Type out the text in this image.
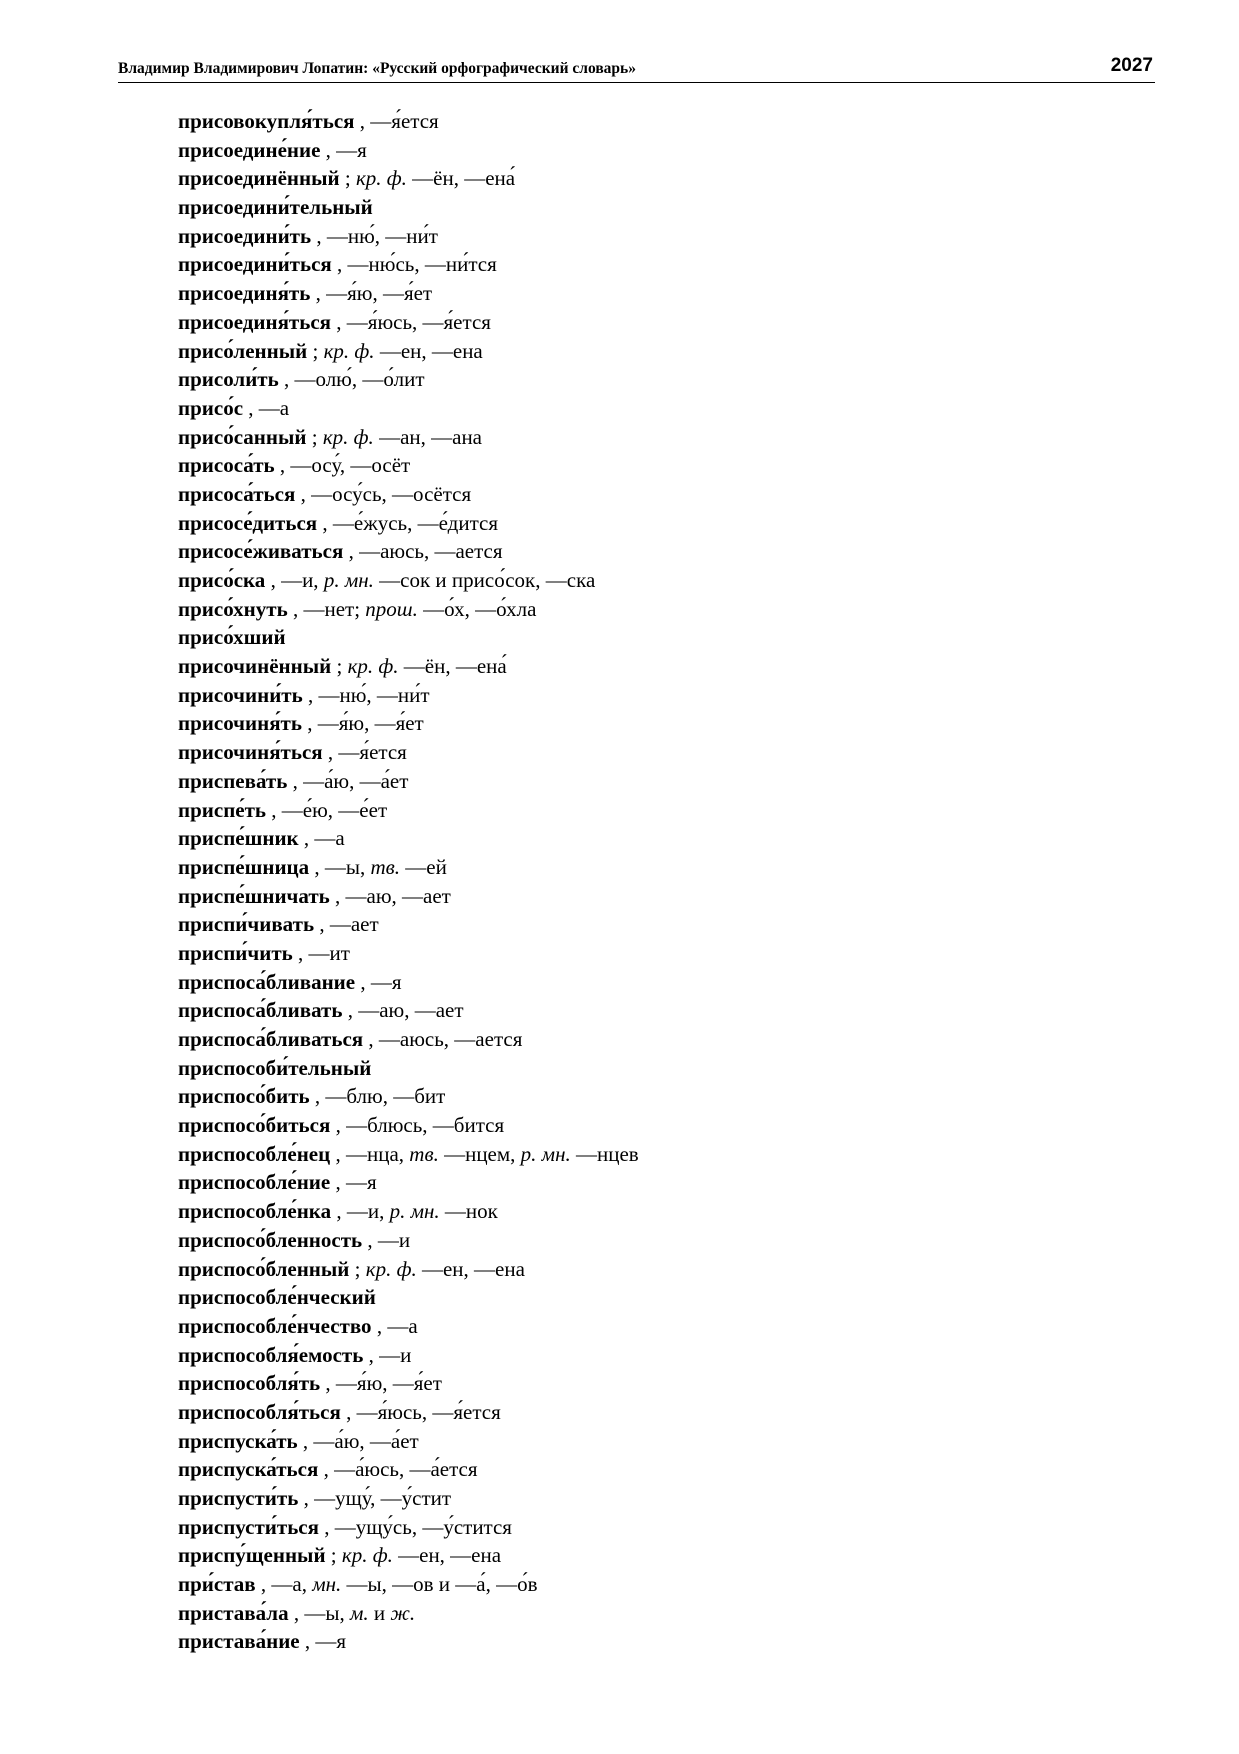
Владимир Владимирович Лопатин: «Русский орфографический словарь»	2027
присовокупля́ться , —я́ется
присоедине́ние , —я
присоединённый ; кр. ф. —ён, —ена́
присоедини́тельный
присоедини́ть , —ню́, —ни́т
присоедини́ться , —ню́сь, —ни́тся
присоединя́ть , —я́ю, —я́ет
присоединя́ться , —я́юсь, —я́ется
присо́ленный ; кр. ф. —ен, —ена
присоли́ть , —олю́, —о́лит
присо́с , —а
присо́санный ; кр. ф. —ан, —ана
присоса́ть , —осу́, —осёт
присоса́ться , —осу́сь, —осётся
присосе́диться , —е́жусь, —е́дится
присосе́живаться , —аюсь, —ается
присо́ска , —и, р. мн. —сок и присо́сок, —ска
присо́хнуть , —нет; прош. —о́х, —о́хла
присо́хший
присочинённый ; кр. ф. —ён, —ена́
присочини́ть , —ню́, —ни́т
присочиня́ть , —я́ю, —я́ет
присочиня́ться , —я́ется
приспева́ть , —а́ю, —а́ет
приспе́ть , —е́ю, —е́ет
приспе́шник , —а
приспе́шница , —ы, тв. —ей
приспе́шничать , —аю, —ает
приспи́чивать , —ает
приспи́чить , —ит
приспоса́бливание , —я
приспоса́бливать , —аю, —ает
приспоса́бливаться , —аюсь, —ается
приспособи́тельный
приспосо́бить , —блю, —бит
приспосо́биться , —блюсь, —бится
приспособле́нец , —нца, тв. —нцем, р. мн. —нцев
приспособле́ние , —я
приспособле́нка , —и, р. мн. —нок
приспосо́бленность , —и
приспосо́бленный ; кр. ф. —ен, —ена
приспособле́нческий
приспособле́нчество , —а
приспособля́емость , —и
приспособля́ть , —я́ю, —я́ет
приспособля́ться , —я́юсь, —я́ется
приспуска́ть , —а́ю, —а́ет
приспуска́ться , —а́юсь, —а́ется
приспусти́ть , —ущу́, —у́стит
приспусти́ться , —ущу́сь, —у́стится
приспу́щенный ; кр. ф. —ен, —ена
при́став , —а, мн. —ы, —ов и —а́, —о́в
пристава́ла , —ы, м. и ж.
пристава́ние , —я
